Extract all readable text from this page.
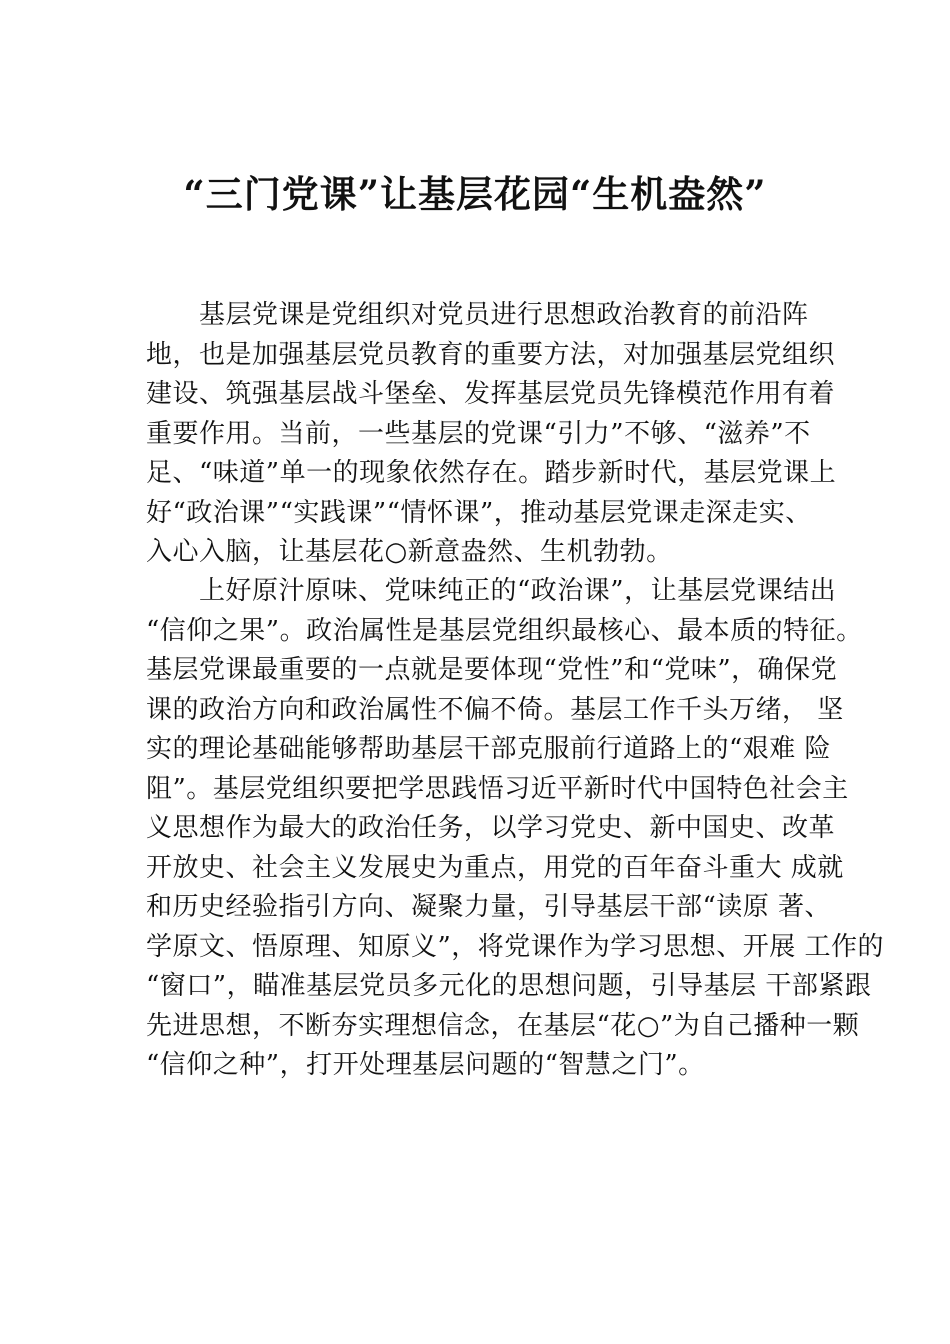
“三门党课”让基层花园“生机盎然”
　　基层党课是党组织对党员进行思想政治教育的前沿阵
地，也是加强基层党员教育的重要方法，对加强基层党组织
建设、筑强基层战斗堡垒、发挥基层党员先锋模范作用有着
重要作用。当前，一些基层的党课“引力”不够、“滋养”不
足、“味道”单一的现象依然存在。踏步新时代，基层党课上
好“政治课”“实践课”“情怀课”，推动基层党课走深走实、
入心入脑，让基层花○新意盎然、生机勃勃。
　　上好原汁原味、党味纯正的“政治课”，让基层党课结出
“信仰之果”。政治属性是基层党组织最核心、最本质的特征。
基层党课最重要的一点就是要体现“党性”和“党味”，确保党
课的政治方向和政治属性不偏不倚。基层工作千头万绪， 坚
实的理论基础能够帮助基层干部克服前行道路上的“艰难 险
阻”。基层党组织要把学思践悟习近平新时代中国特色社会主
义思想作为最大的政治任务，以学习党史、新中国史、改革
开放史、社会主义发展史为重点，用党的百年奋斗重大 成就
和历史经验指引方向、凝聚力量，引导基层干部“读原 著、
学原文、悟原理、知原义”，将党课作为学习思想、开展 工作的
“窗口”，瞄准基层党员多元化的思想问题，引导基层 干部紧跟
先进思想，不断夯实理想信念，在基层“花○”为自己播种一颗
“信仰之种”，打开处理基层问题的“智慧之门”。
